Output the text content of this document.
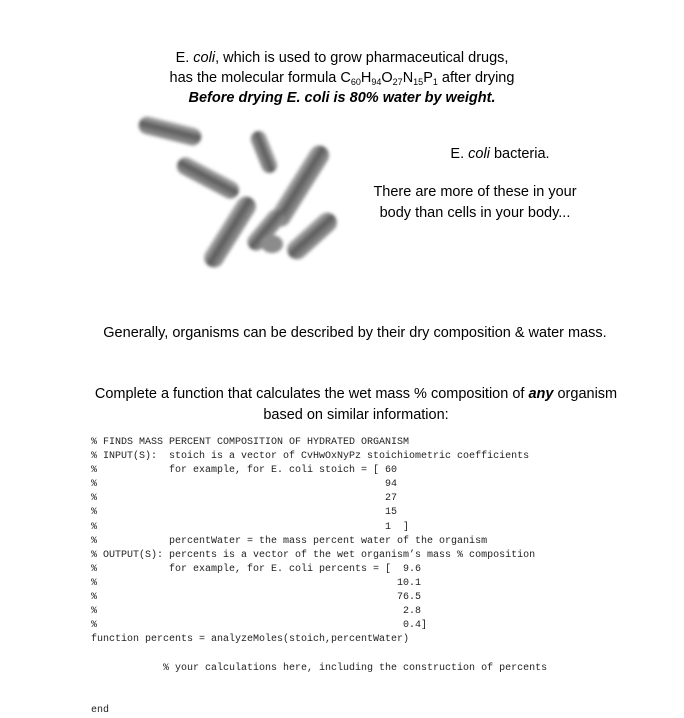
E. coli, which is used to grow pharmaceutical drugs,
has the molecular formula $C_{60}H_{94}O_{27}N_{15}P_1$ after drying
Before drying E. coli is 80% water by weight.
E. coli bacteria.
There are more of these in your
body than cells in your body...
Generally, organisms can be described by their dry composition & water mass.
Complete a function that calculates the wet mass % composition of any organism
based on similar information:
% FINDS MASS PERCENT COMPOSITION OF HYDRATED ORGANISM
% INPUT(S):  stoich is a vector of CvHwOxNyPz stoichiometric coefficients
%            for example, for E. coli stoich = [ 60
%                                                94
%                                                27
%                                                15
%                                                1  ]
%            percentWater = the mass percent water of the organism
% OUTPUT(S): percents is a vector of the wet organism’s mass % composition
%            for example, for E. coli percents = [  9.6
%                                                  10.1
%                                                  76.5
%                                                   2.8
%                                                   0.4]
function percents = analyzeMoles(stoich,percentWater)

% your calculations here, including the construction of percents

end
